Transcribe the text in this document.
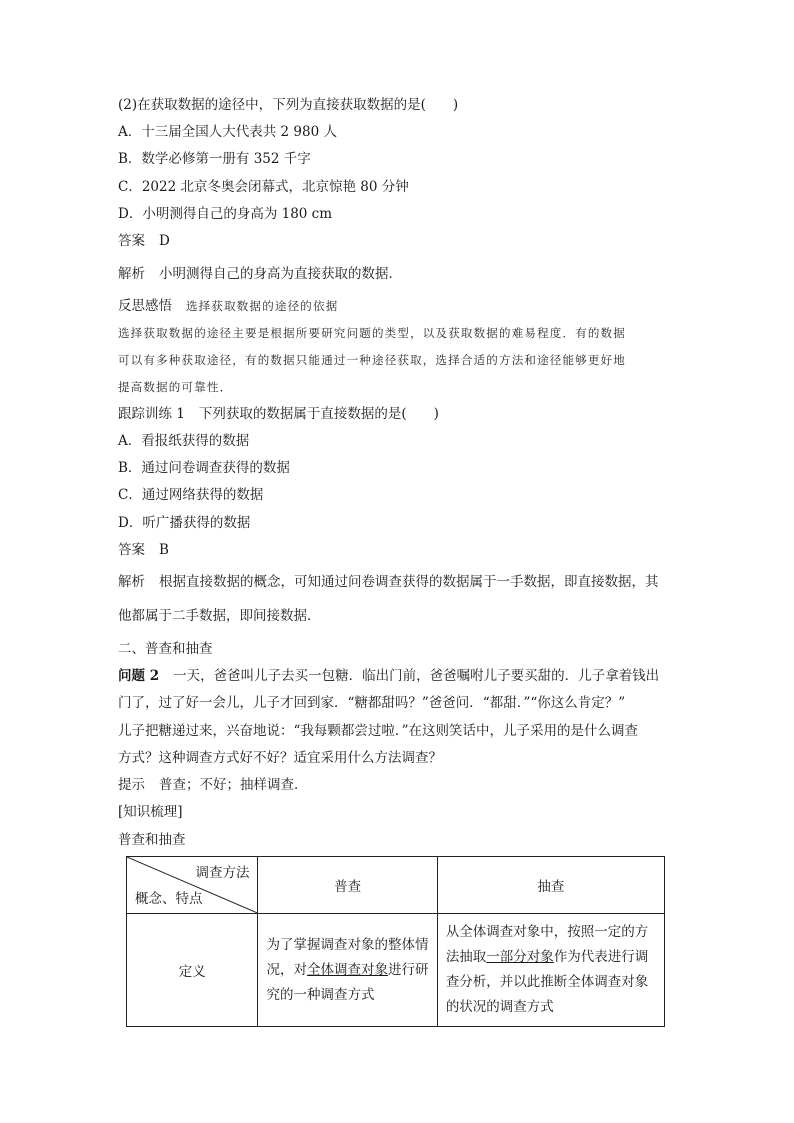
(2)在获取数据的途径中，下列为直接获取数据的是(　　)
A．十三届全国人大代表共 2 980 人
B．数学必修第一册有 352 千字
C．2022 北京冬奥会闭幕式，北京惊艳 80 分钟
D．小明测得自己的身高为 180 cm
答案 D
解析 小明测得自己的身高为直接获取的数据．
反思感悟 选择获取数据的途径的依据
选择获取数据的途径主要是根据所要研究问题的类型，以及获取数据的难易程度．有的数据
可以有多种获取途径，有的数据只能通过一种途径获取，选择合适的方法和途径能够更好地
提高数据的可靠性．
跟踪训练 1 下列获取的数据属于直接数据的是(　　)
A．看报纸获得的数据
B．通过问卷调查获得的数据
C．通过网络获得的数据
D．听广播获得的数据
答案 B
解析 根据直接数据的概念，可知通过问卷调查获得的数据属于一手数据，即直接数据，其
他都属于二手数据，即间接数据．
二、普查和抽查
问题 2 一天，爸爸叫儿子去买一包糖．临出门前，爸爸嘱咐儿子要买甜的．儿子拿着钱出
门了，过了好一会儿，儿子才回到家．“糖都甜吗？”爸爸问．“都甜．”“你这么肯定？”
儿子把糖递过来，兴奋地说：“我每颗都尝过啦．”在这则笑话中，儿子采用的是什么调查
方式？这种调查方式好不好？适宜采用什么方法调查？
提示 普查；不好；抽样调查．
[知识梳理]
普查和抽查
调查方法
概念、特点	普查	抽查
定义	为了掌握调查对象的整体情况，对全体调查对象进行研究的一种调查方式	从全体调查对象中，按照一定的方法抽取一部分对象作为代表进行调查分析，并以此推断全体调查对象的状况的调查方式
